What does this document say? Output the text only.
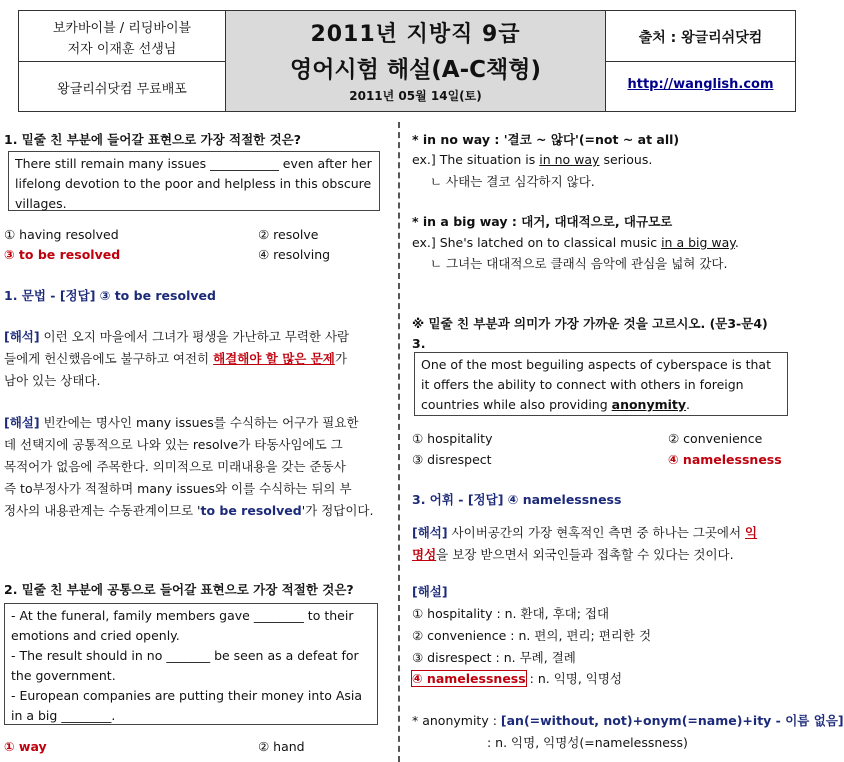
보카바이블 / 리딩바이블
저자 이재훈 선생님
왕글리쉬닷컴 무료배포
2011년 지방직 9급
영어시험 해설(A-C책형)
2011년 05월 14일(토)
출처 : 왕글리쉬닷컴
http://wanglish.com
1. 밑줄 친 부분에 들어갈 표현으로 가장 적절한 것은?
There still remain many issues ___________ even after her
lifelong devotion to the poor and helpless in this obscure
villages.
① having resolved	② resolve
③ to be resolved	④ resolving
1. 문법 - [정답] ③ to be resolved
[해석] 이런 오지 마을에서 그녀가 평생을 가난하고 무력한 사람
들에게 헌신했음에도 불구하고 여전히 해결해야 할 많은 문제가
남아 있는 상태다.
[해설] 빈칸에는 명사인 many issues를 수식하는 어구가 필요한
데 선택지에 공통적으로 나와 있는 resolve가 타동사임에도 그
목적어가 없음에 주목한다. 의미적으로 미래내용을 갖는 준동사
즉 to부정사가 적절하며 many issues와 이를 수식하는 뒤의 부
정사의 내용관계는 수동관계이므로 'to be resolved'가 정답이다.
2. 밑줄 친 부분에 공통으로 들어갈 표현으로 가장 적절한 것은?
- At the funeral, family members gave ________ to their
emotions and cried openly.
- The result should in no _______ be seen as a defeat for
the government.
- European companies are putting their money into Asia
in a big ________.
① way	② hand
* in no way : '결코 ~ 않다'(=not ~ at all)
ex.] The situation is in no way serious.
ㄴ 사태는 결코 심각하지 않다.
* in a big way : 대거, 대대적으로, 대규모로
ex.] She's latched on to classical music in a big way.
ㄴ 그녀는 대대적으로 클래식 음악에 관심을 넓혀 갔다.
※ 밑줄 친 부분과 의미가 가장 가까운 것을 고르시오. (문3-문4)
3.
One of the most beguiling aspects of cyberspace is that
it offers the ability to connect with others in foreign
countries while also providing anonymity.
① hospitality	② convenience
③ disrespect	④ namelessness
3. 어휘 - [정답] ④ namelessness
[해석] 사이버공간의 가장 현혹적인 측면 중 하나는 그곳에서 익
명성을 보장 받으면서 외국인들과 접촉할 수 있다는 것이다.
[해설]
① hospitality : n. 환대, 후대; 접대
② convenience : n. 편의, 편리; 편리한 것
③ disrespect : n. 무례, 결례
④ namelessness : n. 익명, 익명성
* anonymity : [an(=without, not)+onym(=name)+ity - 이름 없음]
: n. 익명, 익명성(=namelessness)
